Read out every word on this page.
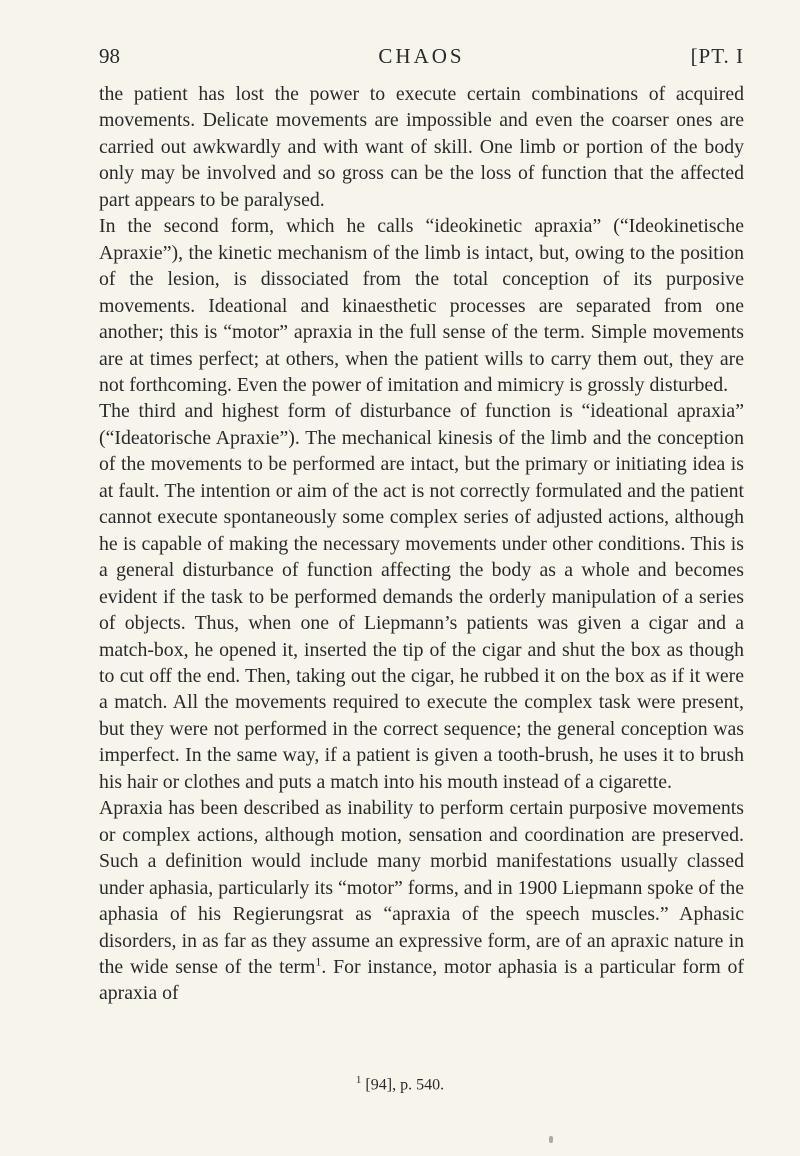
98	CHAOS	[PT. I

the patient has lost the power to execute certain combinations of acquired movements. Delicate movements are impossible and even the coarser ones are carried out awkwardly and with want of skill. One limb or portion of the body only may be involved and so gross can be the loss of function that the affected part appears to be paralysed.

In the second form, which he calls “ideokinetic apraxia” (“Ideokinetische Apraxie”), the kinetic mechanism of the limb is intact, but, owing to the position of the lesion, is dissociated from the total conception of its purposive movements. Ideational and kinaesthetic processes are separated from one another; this is “motor” apraxia in the full sense of the term. Simple movements are at times perfect; at others, when the patient wills to carry them out, they are not forthcoming. Even the power of imitation and mimicry is grossly disturbed.

The third and highest form of disturbance of function is “ideational apraxia” (“Ideatorische Apraxie”). The mechanical kinesis of the limb and the conception of the movements to be performed are intact, but the primary or initiating idea is at fault. The intention or aim of the act is not correctly formulated and the patient cannot execute spontaneously some complex series of adjusted actions, although he is capable of making the necessary movements under other conditions. This is a general disturbance of function affecting the body as a whole and becomes evident if the task to be performed demands the orderly manipulation of a series of objects. Thus, when one of Liepmann’s patients was given a cigar and a match-box, he opened it, inserted the tip of the cigar and shut the box as though to cut off the end. Then, taking out the cigar, he rubbed it on the box as if it were a match. All the movements required to execute the complex task were present, but they were not performed in the correct sequence; the general conception was imperfect. In the same way, if a patient is given a tooth-brush, he uses it to brush his hair or clothes and puts a match into his mouth instead of a cigarette.

Apraxia has been described as inability to perform certain purposive movements or complex actions, although motion, sensation and coordination are preserved. Such a definition would include many morbid manifestations usually classed under aphasia, particularly its “motor” forms, and in 1900 Liepmann spoke of the aphasia of his Regierungsrat as “apraxia of the speech muscles.” Aphasic disorders, in as far as they assume an expressive form, are of an apraxic nature in the wide sense of the term$^1$. For instance, motor aphasia is a particular form of apraxia of

$^1$ [94], p. 540.
